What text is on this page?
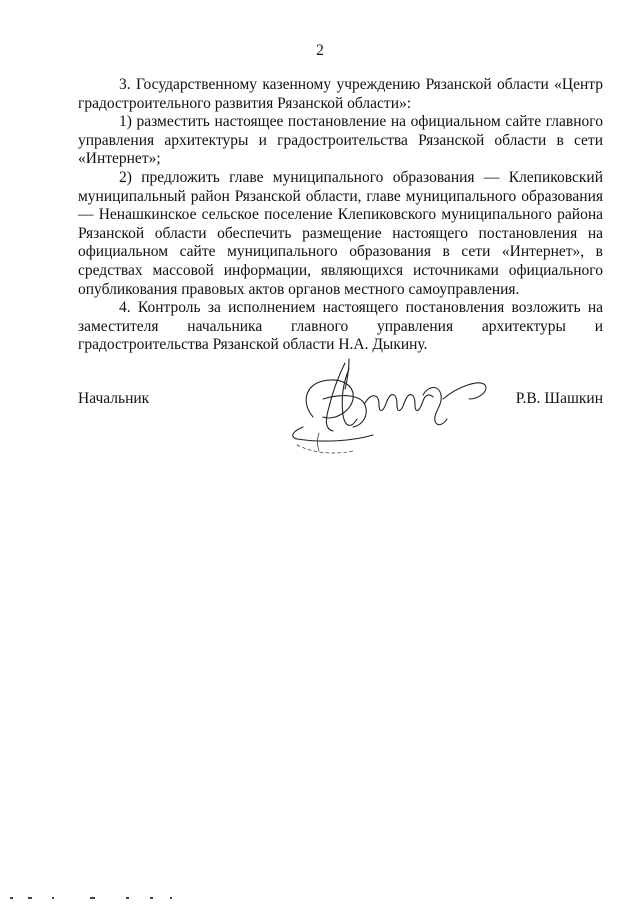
2

3. Государственному казенному учреждению Рязанской области «Центр градостроительного развития Рязанской области»:

1) разместить настоящее постановление на официальном сайте главного управления архитектуры и градостроительства Рязанской области в сети «Интернет»;

2) предложить главе муниципального образования — Клепиковский муниципальный район Рязанской области, главе муниципального образования — Ненашкинское сельское поселение Клепиковского муниципального района Рязанской области обеспечить размещение настоящего постановления на официальном сайте муниципального образования в сети «Интернет», в средствах массовой информации, являющихся источниками официального опубликования правовых актов органов местного самоуправления.

4. Контроль за исполнением настоящего постановления возложить на заместителя начальника главного управления архитектуры и градостроительства Рязанской области Н.А. Дыкину.

Начальник	Р.В. Шашкин
